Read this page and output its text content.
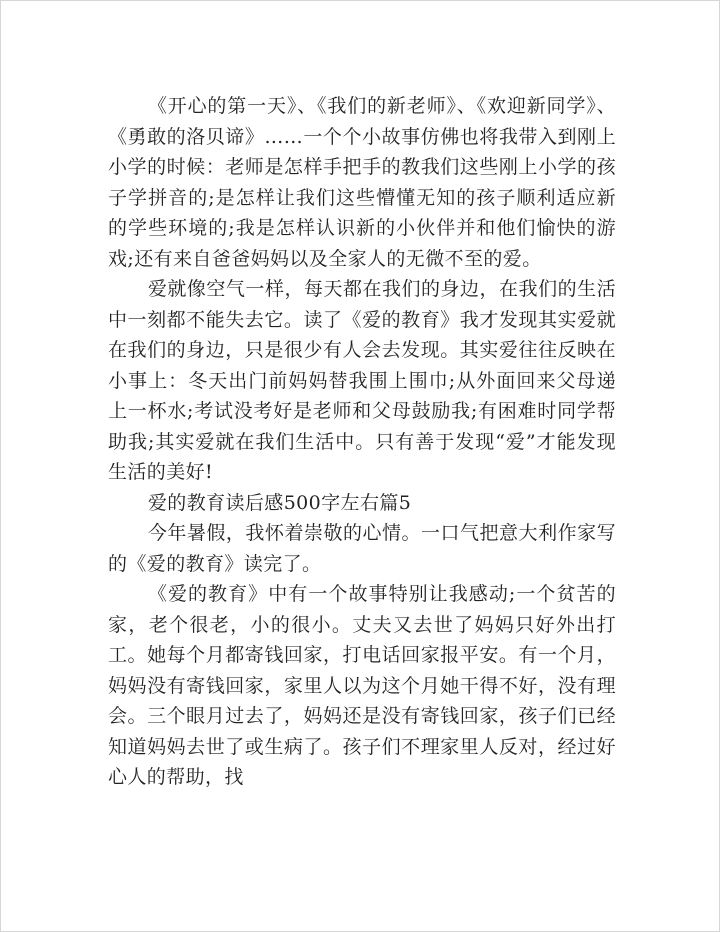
《开心的第一天》、《我们的新老师》、《欢迎新同学》、《勇敢的洛贝谛》……一个个小故事仿佛也将我带入到刚上小学的时候：老师是怎样手把手的教我们这些刚上小学的孩子学拼音的;是怎样让我们这些懵懂无知的孩子顺利适应新的学些环境的;我是怎样认识新的小伙伴并和他们愉快的游戏;还有来自爸爸妈妈以及全家人的无微不至的爱。

爱就像空气一样，每天都在我们的身边，在我们的生活中一刻都不能失去它。读了《爱的教育》我才发现其实爱就在我们的身边，只是很少有人会去发现。其实爱往往反映在小事上：冬天出门前妈妈替我围上围巾;从外面回来父母递上一杯水;考试没考好是老师和父母鼓励我;有困难时同学帮助我;其实爱就在我们生活中。只有善于发现“爱”才能发现生活的美好!

爱的教育读后感500字左右篇5

今年暑假，我怀着崇敬的心情。一口气把意大利作家写的《爱的教育》读完了。

《爱的教育》中有一个故事特别让我感动;一个贫苦的家，老个很老，小的很小。丈夫又去世了妈妈只好外出打工。她每个月都寄钱回家，打电话回家报平安。有一个月，妈妈没有寄钱回家，家里人以为这个月她干得不好，没有理会。三个眼月过去了，妈妈还是没有寄钱回家，孩子们已经知道妈妈去世了或生病了。孩子们不理家里人反对，经过好心人的帮助，找
